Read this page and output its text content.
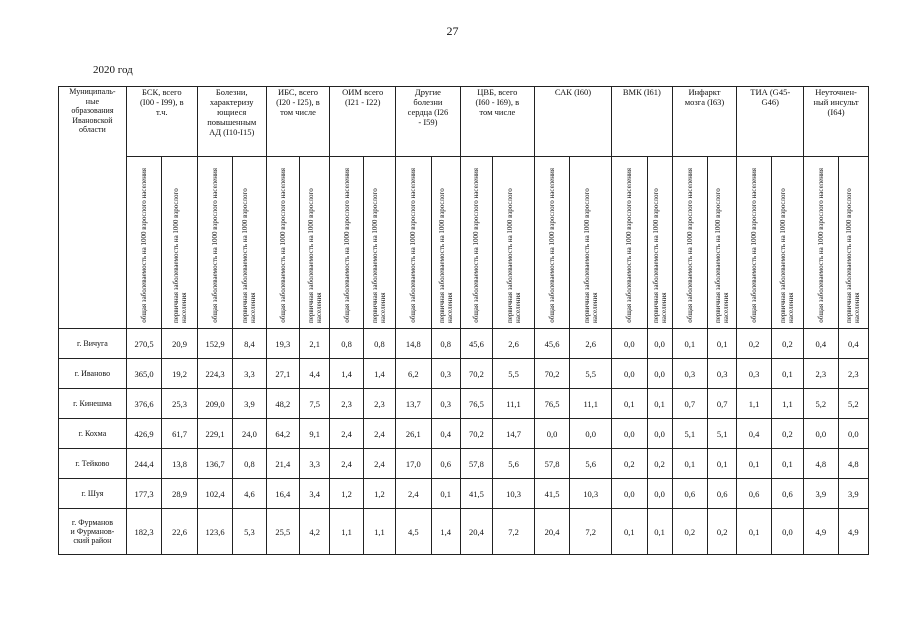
27
2020 год
Муниципаль-
ные
образования
Ивановской
области	БСК, всего
(I00 - I99), в
т.ч.		Болезни,
характеризу
ющиеся
повышенным
АД (I10-I15)		ИБС, всего
(I20 - I25), в
том числе		ОИМ всего
(I21 - I22)		Другие
болезни
сердца (I26
- I59)		ЦВБ, всего
(I60 - I69), в
том числе		САК (I60)		ВМК (I61)		Инфаркт
мозга (I63)		ТИА (G45-
G46)		Неуточнен-
ный инсульт
(I64)	

	общая заболеваемость на 1000 взрослого населения	первичная заболеваемость на 1000 взрослого населения	общая заболеваемость на 1000 взрослого населения	первичная заболеваемость на 1000 взрослого населения	общая заболеваемость на 1000 взрослого населения	первичная заболеваемость на 1000 взрослого населения	общая заболеваемость на 1000 взрослого населения	первичная заболеваемость на 1000 взрослого населения	общая заболеваемость на 1000 взрослого населения	первичная заболеваемость на 1000 взрослого населения	общая заболеваемость на 1000 взрослого населения	первичная заболеваемость на 1000 взрослого населения	общая заболеваемость на 1000 взрослого населения	первичная заболеваемость на 1000 взрослого населения	общая заболеваемость на 1000 взрослого населения	первичная заболеваемость на 1000 взрослого населения	общая заболеваемость на 1000 взрослого населения	первичная заболеваемость на 1000 взрослого населения	общая заболеваемость на 1000 взрослого населения	первичная заболеваемость на 1000 взрослого населения	общая заболеваемость на 1000 взрослого населения	первичная заболеваемость на 1000 взрослого населения

г. Вичуга	270,5	20,9	152,9	8,4	19,3	2,1	0,8	0,8	14,8	0,8	45,6	2,6	45,6	2,6	0,0	0,0	0,1	0,1	0,2	0,2	0,4	0,4
г. Иваново	365,0	19,2	224,3	3,3	27,1	4,4	1,4	1,4	6,2	0,3	70,2	5,5	70,2	5,5	0,0	0,0	0,3	0,3	0,3	0,1	2,3	2,3
г. Кинешма	376,6	25,3	209,0	3,9	48,2	7,5	2,3	2,3	13,7	0,3	76,5	11,1	76,5	11,1	0,1	0,1	0,7	0,7	1,1	1,1	5,2	5,2
г. Кохма	426,9	61,7	229,1	24,0	64,2	9,1	2,4	2,4	26,1	0,4	70,2	14,7	0,0	0,0	0,0	0,0	5,1	5,1	0,4	0,2	0,0	0,0
г. Тейково	244,4	13,8	136,7	0,8	21,4	3,3	2,4	2,4	17,0	0,6	57,8	5,6	57,8	5,6	0,2	0,2	0,1	0,1	0,1	0,1	4,8	4,8
г. Шуя	177,3	28,9	102,4	4,6	16,4	3,4	1,2	1,2	2,4	0,1	41,5	10,3	41,5	10,3	0,0	0,0	0,6	0,6	0,6	0,6	3,9	3,9
г. Фурманов
и Фурманов-
ский район	182,3	22,6	123,6	5,3	25,5	4,2	1,1	1,1	4,5	1,4	20,4	7,2	20,4	7,2	0,1	0,1	0,2	0,2	0,1	0,0	4,9	4,9
